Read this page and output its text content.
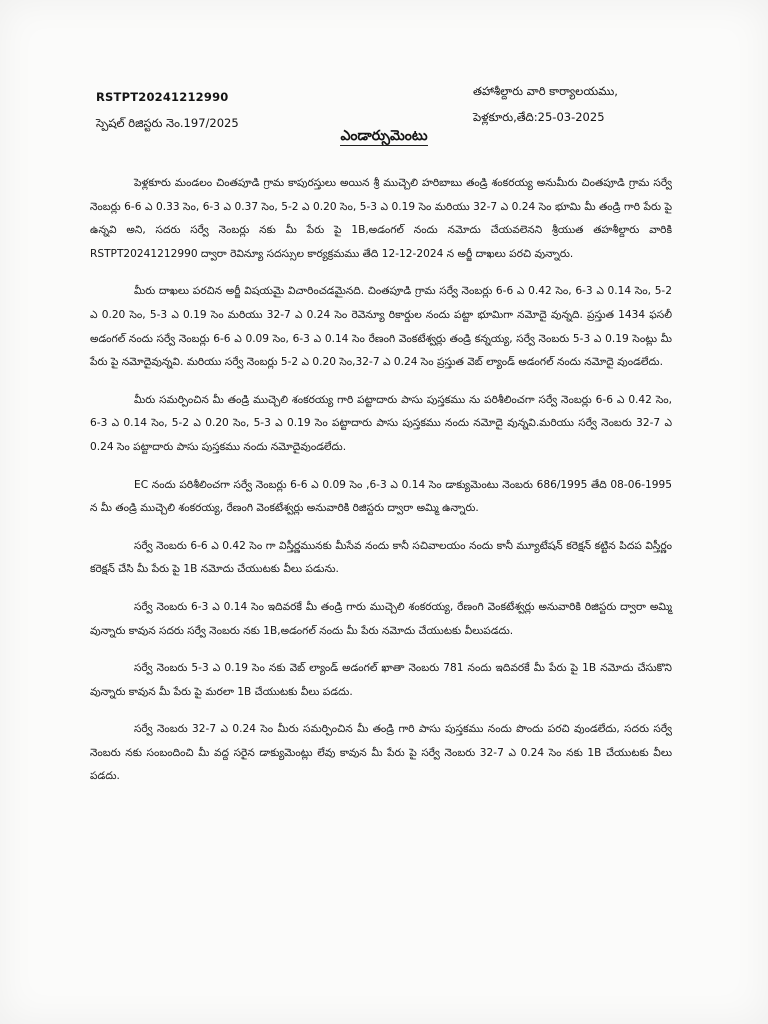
RSTPT20241212990
స్పెషల్ రిజిస్టరు నెం.197/2025
తహాశీల్దారు వారి కార్యాలయము,
పెళ్లకూరు,తేది:25-03-2025
ఎండార్సుమెంటు

పెళ్లకూరు మండలం చింతపూడి గ్రామ కాపురస్తులు అయిన శ్రీ ముచ్చెలి హరిబాబు తండ్రి శంకరయ్య అనుమీరు చింతపూడి గ్రామ సర్వే నెంబర్లు 6-6 ఎ 0.33 సెం, 6-3 ఎ 0.37 సెం, 5-2 ఎ 0.20 సెం, 5-3 ఎ 0.19 సెం మరియు 32-7 ఎ 0.24 సెం భూమి మీ తండ్రి గారి పేరు పై ఉన్నవి అని, సదరు సర్వే నెంబర్లు నకు మీ పేరు పై 1B,అడంగల్ నందు నమోదు చేయవలెనని శ్రీయుత తహశీల్దారు వారికి RSTPT20241212990 ద్వారా రెవిన్యూ సదస్సుల కార్యక్రమము తేది 12-12-2024 న అర్జీ దాఖలు పరచి వున్నారు.

మీరు దాఖలు పరచిన అర్జీ విషయమై విచారించడమైనది. చింతపూడి గ్రామ సర్వే నెంబర్లు 6-6 ఎ 0.42 సెం, 6-3 ఎ 0.14 సెం, 5-2 ఎ 0.20 సెం, 5-3 ఎ 0.19 సెం మరియు 32-7 ఎ 0.24 సెం రెవెన్యూ రికార్డుల నందు పట్టా భూమిగా నమోదై వున్నది. ప్రస్తుత 1434 ఫసలీ అడంగల్ నందు సర్వే నెంబర్లు 6-6 ఎ 0.09 సెం, 6-3 ఎ 0.14 సెం రేణంగి వెంకటేశ్వర్లు తండ్రి కన్నయ్య, సర్వే నెంబరు 5-3 ఎ 0.19 సెంట్లు మీ పేరు పై నమోదైవున్నవి. మరియు సర్వే నెంబర్లు 5-2 ఎ 0.20 సెం,32-7 ఎ 0.24 సెం ప్రస్తుత వెబ్ ల్యాండ్ అడంగల్ నందు నమోదై వుండలేదు.

మీరు సమర్పించిన మీ తండ్రి ముచ్చెలి శంకరయ్య గారి పట్టాదారు పాసు పుస్తకము ను పరిశీలించగా సర్వే నెంబర్లు 6-6 ఎ 0.42 సెం, 6-3 ఎ 0.14 సెం, 5-2 ఎ 0.20 సెం, 5-3 ఎ 0.19 సెం పట్టాదారు పాసు పుస్తకము నందు నమోదై వున్నవి.మరియు సర్వే నెంబరు 32-7 ఎ 0.24 సెం పట్టాదారు పాసు పుస్తకము నందు నమోదైవుండలేదు.

EC నందు పరిశీలించగా సర్వే నెంబర్లు 6-6 ఎ 0.09 సెం ,6-3 ఎ 0.14 సెం డాక్యుమెంటు నెంబరు 686/1995 తేది 08-06-1995 న మీ తండ్రి ముచ్చెలి శంకరయ్య, రేణంగి వెంకటేశ్వర్లు అనువారికి రిజిస్టరు ద్వారా అమ్మి ఉన్నారు.

సర్వే నెంబరు 6-6 ఎ 0.42 సెం గా విస్తీర్ణమునకు మీసేవ నందు కానీ సచివాలయం నందు కానీ మ్యూటేషన్ కరెక్షన్ కట్టిన పిదప విస్తీర్ణం కరెక్షన్ చేసి మీ పేరు పై 1B నమోదు చేయుటకు వీలు పడును.

సర్వే నెంబరు 6-3 ఎ 0.14 సెం ఇదివరకే మీ తండ్రి గారు ముచ్చెలి శంకరయ్య, రేణంగి వెంకటేశ్వర్లు అనువారికి రిజిస్టరు ద్వారా అమ్మి వున్నారు కావున సదరు సర్వే నెంబరు నకు 1B,అడంగల్ నందు మీ పేరు నమోదు చేయుటకు వీలుపడదు.

సర్వే నెంబరు 5-3 ఎ 0.19 సెం నకు వెబ్ ల్యాండ్ అడంగల్ ఖాతా నెంబరు 781 నందు ఇదివరకే మీ పేరు పై 1B నమోదు చేసుకొని వున్నారు కావున మీ పేరు పై మరలా 1B చేయుటకు వీలు పడదు.

సర్వే నెంబరు 32-7 ఎ 0.24 సెం మీరు సమర్పించిన మీ తండ్రి గారి పాసు పుస్తకము నందు పొందు పరచి వుండలేదు, సదరు సర్వే నెంబరు నకు సంబందించి మీ వద్ద సరైన డాక్యుమెంట్లు లేవు కావున మీ పేరు పై సర్వే నెంబరు 32-7 ఎ 0.24 సెం నకు 1B చేయుటకు వీలు పడదు.
